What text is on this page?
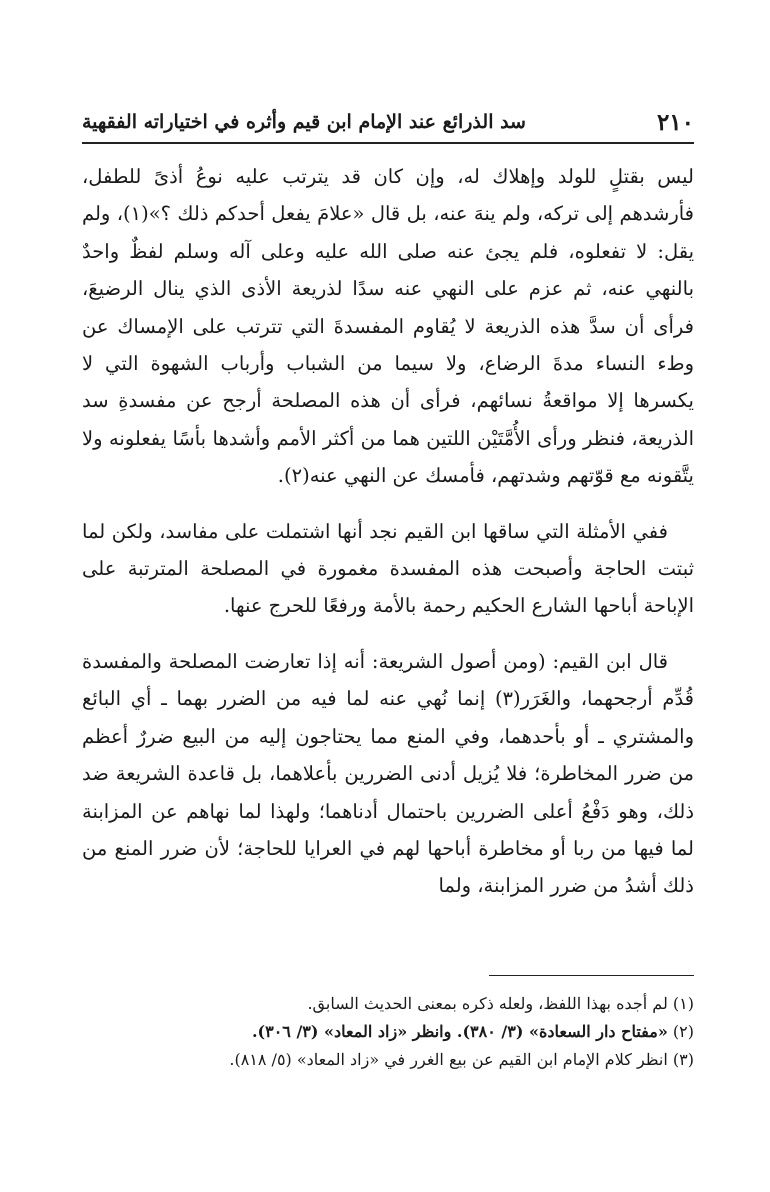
٢١٠
سد الذرائع عند الإمام ابن قيم وأثره في اختياراته الفقهية

ليس بقتلٍ للولد وإهلاك له، وإن كان قد يترتب عليه نوعُ أذىً للطفل، فأرشدهم إلى تركه، ولم ينهَ عنه، بل قال «علامَ يفعل أحدكم ذلك ؟»(١)، ولم يقل: لا تفعلوه، فلم يجئ عنه صلى الله عليه وعلى آله وسلم لفظٌ واحدٌ بالنهي عنه، ثم عزم على النهي عنه سدًا لذريعة الأذى الذي ينال الرضيعَ، فرأى أن سدَّ هذه الذريعة لا يُقاوم المفسدةَ التي تترتب على الإمساك عن وطء النساء مدةَ الرضاع، ولا سيما من الشباب وأرباب الشهوة التي لا يكسرها إلا مواقعةُ نسائهم، فرأى أن هذه المصلحة أرجح عن مفسدةِ سد الذريعة، فنظر ورأى الأُمَّتَيْن اللتين هما من أكثر الأمم وأشدها بأسًا يفعلونه ولا يتَّقونه مع قوّتهم وشدتهم، فأمسك عن النهي عنه(٢).

ففي الأمثلة التي ساقها ابن القيم نجد أنها اشتملت على مفاسد، ولكن لما ثبتت الحاجة وأصبحت هذه المفسدة مغمورة في المصلحة المترتبة على الإباحة أباحها الشارع الحكيم رحمة بالأمة ورفعًا للحرج عنها.

قال ابن القيم: (ومن أصول الشريعة: أنه إذا تعارضت المصلحة والمفسدة قُدِّم أرجحهما، والغَرَر(٣) إنما نُهي عنه لما فيه من الضرر بهما ـ أي البائع والمشتري ـ أو بأحدهما، وفي المنع مما يحتاجون إليه من البيع ضررٌ أعظم من ضرر المخاطرة؛ فلا يُزيل أدنى الضررين بأعلاهما، بل قاعدة الشريعة ضد ذلك، وهو دَفْعُ أعلى الضررين باحتمال أدناهما؛ ولهذا لما نهاهم عن المزابنة لما فيها من ربا أو مخاطرة أباحها لهم في العرايا للحاجة؛ لأن ضرر المنع من ذلك أشدُ من ضرر المزابنة، ولما

(١) لم أجده بهذا اللفظ، ولعله ذكره بمعنى الحديث السابق.

(٢) «مفتاح دار السعادة» (٣/ ٣٨٠). وانظر «زاد المعاد» (٣/ ٣٠٦).

(٣) انظر كلام الإمام ابن القيم عن بيع الغرر في «زاد المعاد» (٥/ ٨١٨).
